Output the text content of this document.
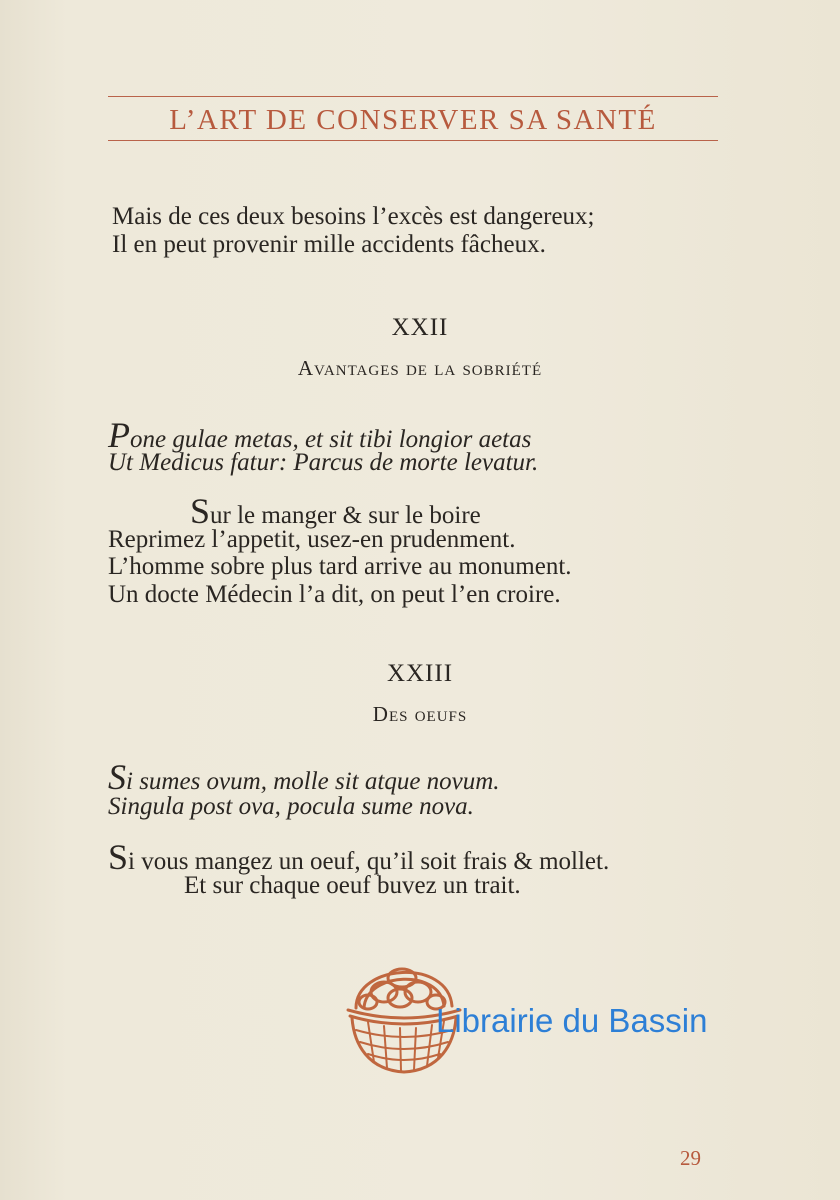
L’ART DE CONSERVER SA SANTÉ
Mais de ces deux besoins l’excès est dangereux;
Il en peut provenir mille accidents fâcheux.
XXII
Avantages de la sobriété
Pone gulae metas, et sit tibi longior aetas
Ut Medicus fatur: Parcus de morte levatur.
Sur le manger & sur le boire
Reprimez l’appetit, usez-en prudenment.
L’homme sobre plus tard arrive au monument.
Un docte Médecin l’a dit, on peut l’en croire.
XXIII
Des oeufs
Si sumes ovum, molle sit atque novum.
Singula post ova, pocula sume nova.
Si vous mangez un oeuf, qu’il soit frais & mollet.
Et sur chaque oeuf buvez un trait.
Librairie du Bassin
29
